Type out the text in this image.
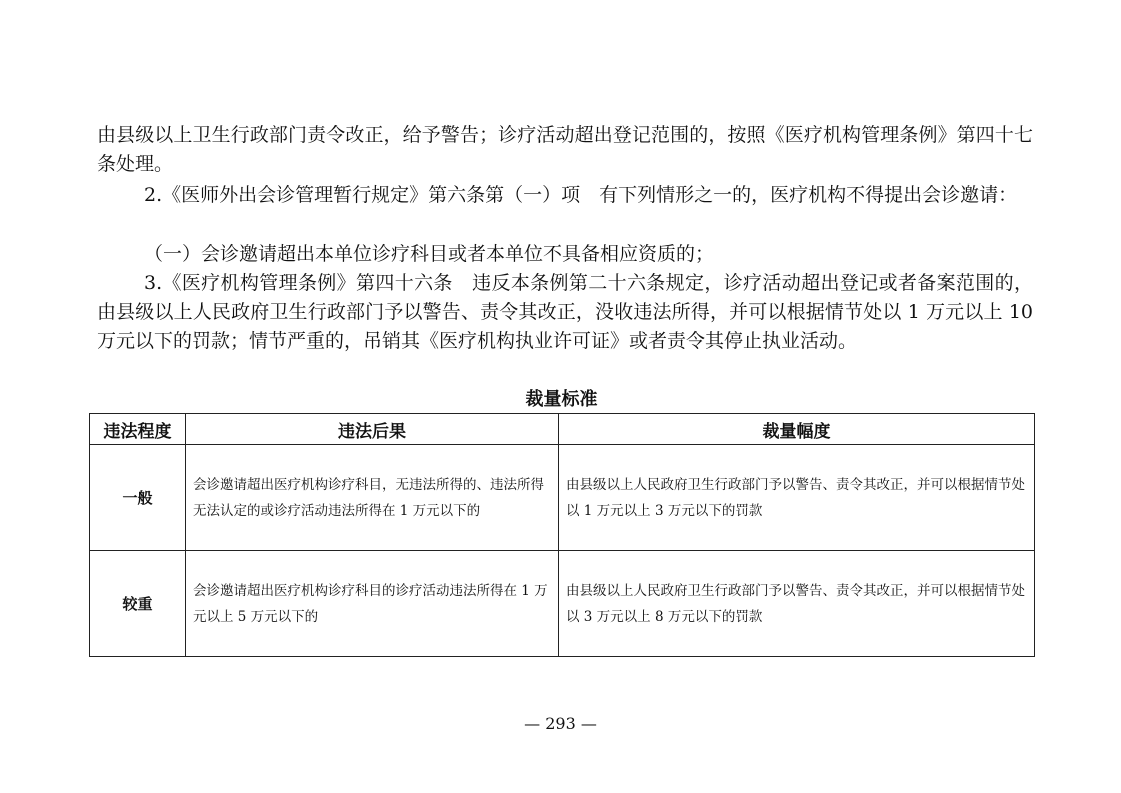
由县级以上卫生行政部门责令改正，给予警告；诊疗活动超出登记范围的，按照《医疗机构管理条例》第四十七条处理。

2.《医师外出会诊管理暂行规定》第六条第（一）项　有下列情形之一的，医疗机构不得提出会诊邀请：

（一）会诊邀请超出本单位诊疗科目或者本单位不具备相应资质的；

3.《医疗机构管理条例》第四十六条　违反本条例第二十六条规定，诊疗活动超出登记或者备案范围的，由县级以上人民政府卫生行政部门予以警告、责令其改正，没收违法所得，并可以根据情节处以 1 万元以上 10 万元以下的罚款；情节严重的，吊销其《医疗机构执业许可证》或者责令其停止执业活动。

裁量标准
违法程度	违法后果	裁量幅度
一般	会诊邀请超出医疗机构诊疗科目，无违法所得的、违法所得无法认定的或诊疗活动违法所得在 1 万元以下的	由县级以上人民政府卫生行政部门予以警告、责令其改正，并可以根据情节处以 1 万元以上 3 万元以下的罚款
较重	会诊邀请超出医疗机构诊疗科目的诊疗活动违法所得在 1 万元以上 5 万元以下的	由县级以上人民政府卫生行政部门予以警告、责令其改正，并可以根据情节处以 3 万元以上 8 万元以下的罚款
— 293 —
